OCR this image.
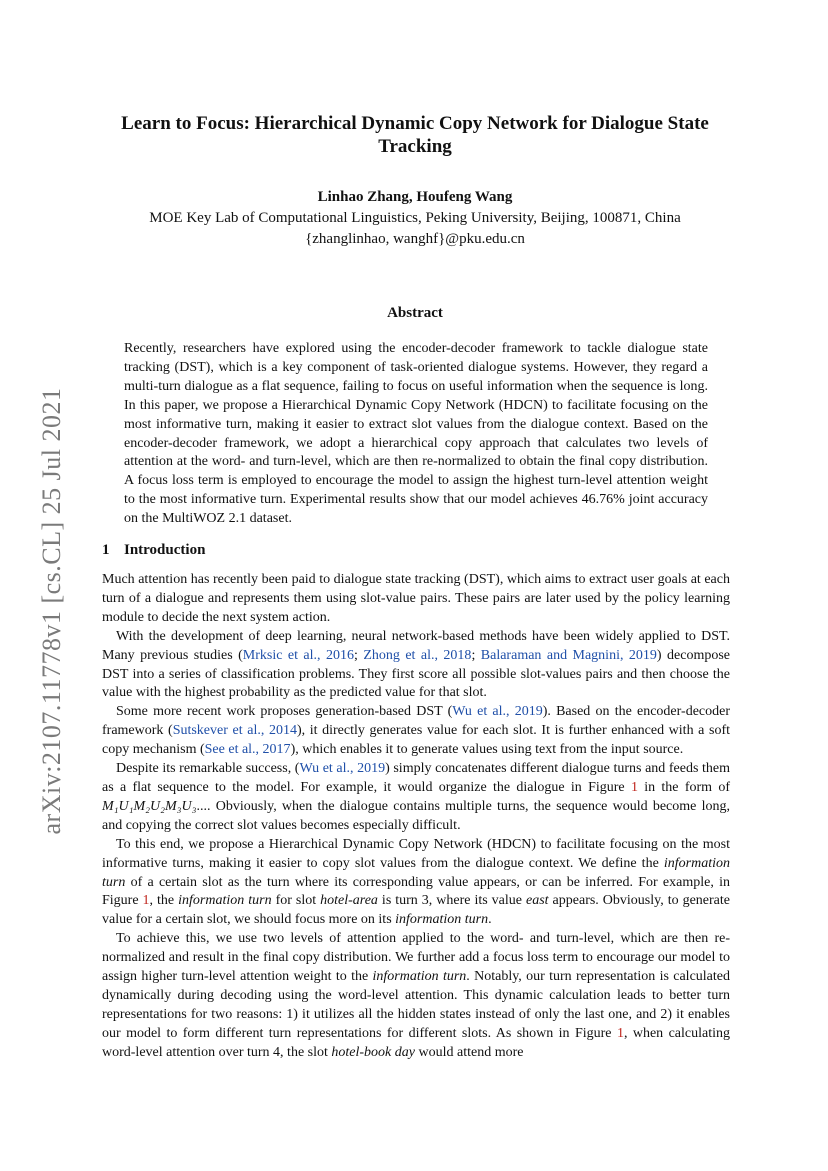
arXiv:2107.11778v1 [cs.CL] 25 Jul 2021
Learn to Focus: Hierarchical Dynamic Copy Network for Dialogue State Tracking
Linhao Zhang, Houfeng Wang
MOE Key Lab of Computational Linguistics, Peking University, Beijing, 100871, China
{zhanglinhao, wanghf}@pku.edu.cn
Abstract
Recently, researchers have explored using the encoder-decoder framework to tackle dialogue state tracking (DST), which is a key component of task-oriented dialogue systems. However, they regard a multi-turn dialogue as a flat sequence, failing to focus on useful information when the sequence is long. In this paper, we propose a Hierarchical Dynamic Copy Network (HDCN) to facilitate focusing on the most informative turn, making it easier to extract slot values from the dialogue context. Based on the encoder-decoder framework, we adopt a hierarchical copy approach that calculates two levels of attention at the word- and turn-level, which are then re-normalized to obtain the final copy distribution. A focus loss term is employed to encourage the model to assign the highest turn-level attention weight to the most informative turn. Experimental results show that our model achieves 46.76% joint accuracy on the MultiWOZ 2.1 dataset.
1 Introduction

Much attention has recently been paid to dialogue state tracking (DST), which aims to extract user goals at each turn of a dialogue and represents them using slot-value pairs. These pairs are later used by the policy learning module to decide the next system action.

With the development of deep learning, neural network-based methods have been widely applied to DST. Many previous studies (Mrksic et al., 2016; Zhong et al., 2018; Balaraman and Magnini, 2019) decompose DST into a series of classification problems. They first score all possible slot-values pairs and then choose the value with the highest probability as the predicted value for that slot.

Some more recent work proposes generation-based DST (Wu et al., 2019). Based on the encoder-decoder framework (Sutskever et al., 2014), it directly generates value for each slot. It is further enhanced with a soft copy mechanism (See et al., 2017), which enables it to generate values using text from the input source.

Despite its remarkable success, (Wu et al., 2019) simply concatenates different dialogue turns and feeds them as a flat sequence to the model. For example, it would organize the dialogue in Figure 1 in the form of M₁U₁M₂U₂M₃U₃.... Obviously, when the dialogue contains multiple turns, the sequence would become long, and copying the correct slot values becomes especially difficult.

To this end, we propose a Hierarchical Dynamic Copy Network (HDCN) to facilitate focusing on the most informative turns, making it easier to copy slot values from the dialogue context. We define the information turn of a certain slot as the turn where its corresponding value appears, or can be inferred. For example, in Figure 1, the information turn for slot hotel-area is turn 3, where its value east appears. Obviously, to generate value for a certain slot, we should focus more on its information turn.

To achieve this, we use two levels of attention applied to the word- and turn-level, which are then re-normalized and result in the final copy distribution. We further add a focus loss term to encourage our model to assign higher turn-level attention weight to the information turn. Notably, our turn representation is calculated dynamically during decoding using the word-level attention. This dynamic calculation leads to better turn representations for two reasons: 1) it utilizes all the hidden states instead of only the last one, and 2) it enables our model to form different turn representations for different slots. As shown in Figure 1, when calculating word-level attention over turn 4, the slot hotel-book day would attend more
